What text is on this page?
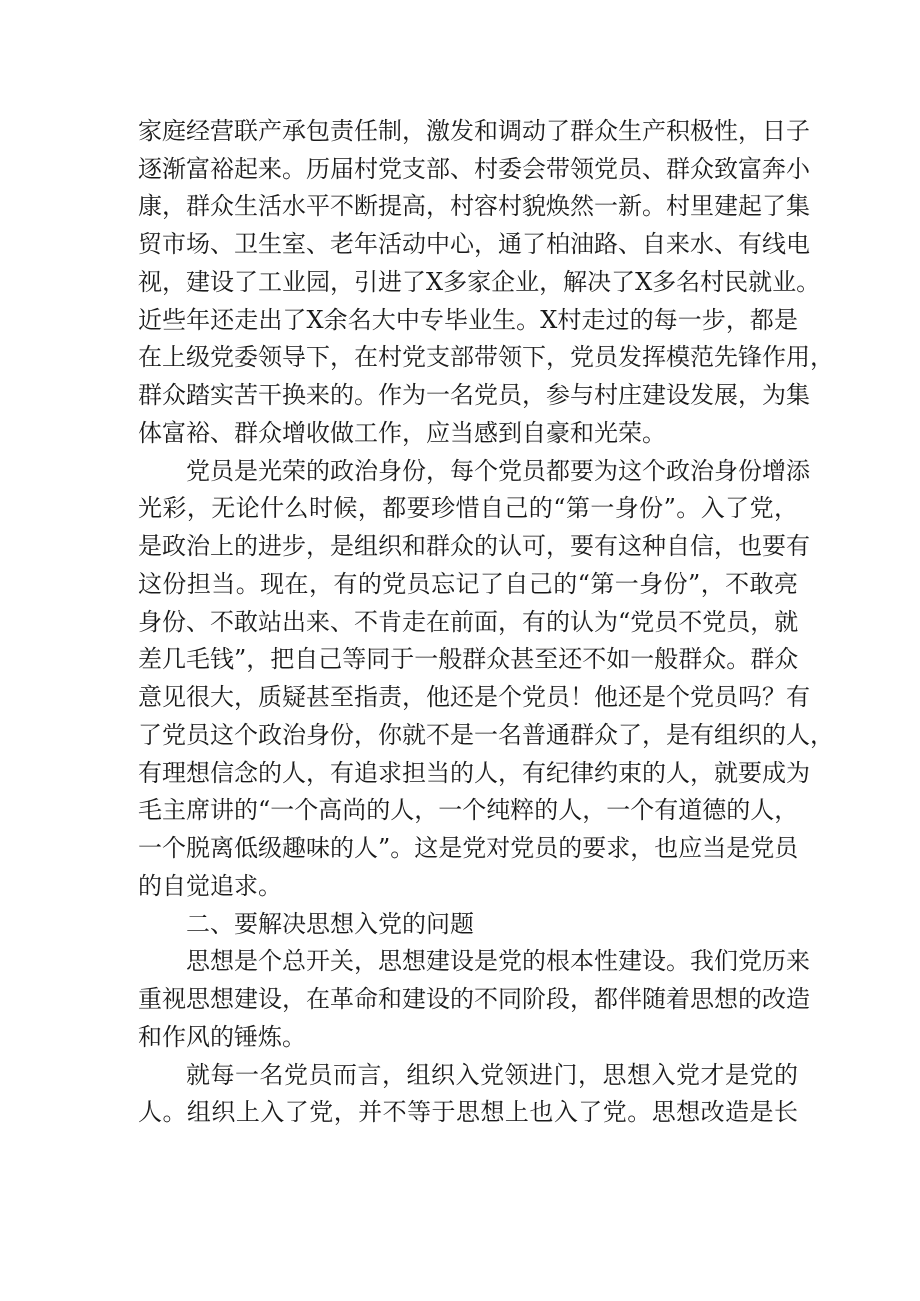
家庭经营联产承包责任制，激发和调动了群众生产积极性，日子
逐渐富裕起来。历届村党支部、村委会带领党员、群众致富奔小
康，群众生活水平不断提高，村容村貌焕然一新。村里建起了集
贸市场、卫生室、老年活动中心，通了柏油路、自来水、有线电
视，建设了工业园，引进了X多家企业，解决了X多名村民就业。
近些年还走出了X余名大中专毕业生。X村走过的每一步，都是
在上级党委领导下，在村党支部带领下，党员发挥模范先锋作用，
群众踏实苦干换来的。作为一名党员，参与村庄建设发展，为集
体富裕、群众增收做工作，应当感到自豪和光荣。
党员是光荣的政治身份，每个党员都要为这个政治身份增添
光彩，无论什么时候，都要珍惜自己的“第一身份”。入了党，
是政治上的进步，是组织和群众的认可，要有这种自信，也要有
这份担当。现在，有的党员忘记了自己的“第一身份”，不敢亮
身份、不敢站出来、不肯走在前面，有的认为“党员不党员，就
差几毛钱”，把自己等同于一般群众甚至还不如一般群众。群众
意见很大，质疑甚至指责，他还是个党员！他还是个党员吗？有
了党员这个政治身份，你就不是一名普通群众了，是有组织的人，
有理想信念的人，有追求担当的人，有纪律约束的人，就要成为
毛主席讲的“一个高尚的人，一个纯粹的人，一个有道德的人，
一个脱离低级趣味的人”。这是党对党员的要求，也应当是党员
的自觉追求。
二、要解决思想入党的问题
思想是个总开关，思想建设是党的根本性建设。我们党历来
重视思想建设，在革命和建设的不同阶段，都伴随着思想的改造
和作风的锤炼。
就每一名党员而言，组织入党领进门，思想入党才是党的
人。组织上入了党，并不等于思想上也入了党。思想改造是长
